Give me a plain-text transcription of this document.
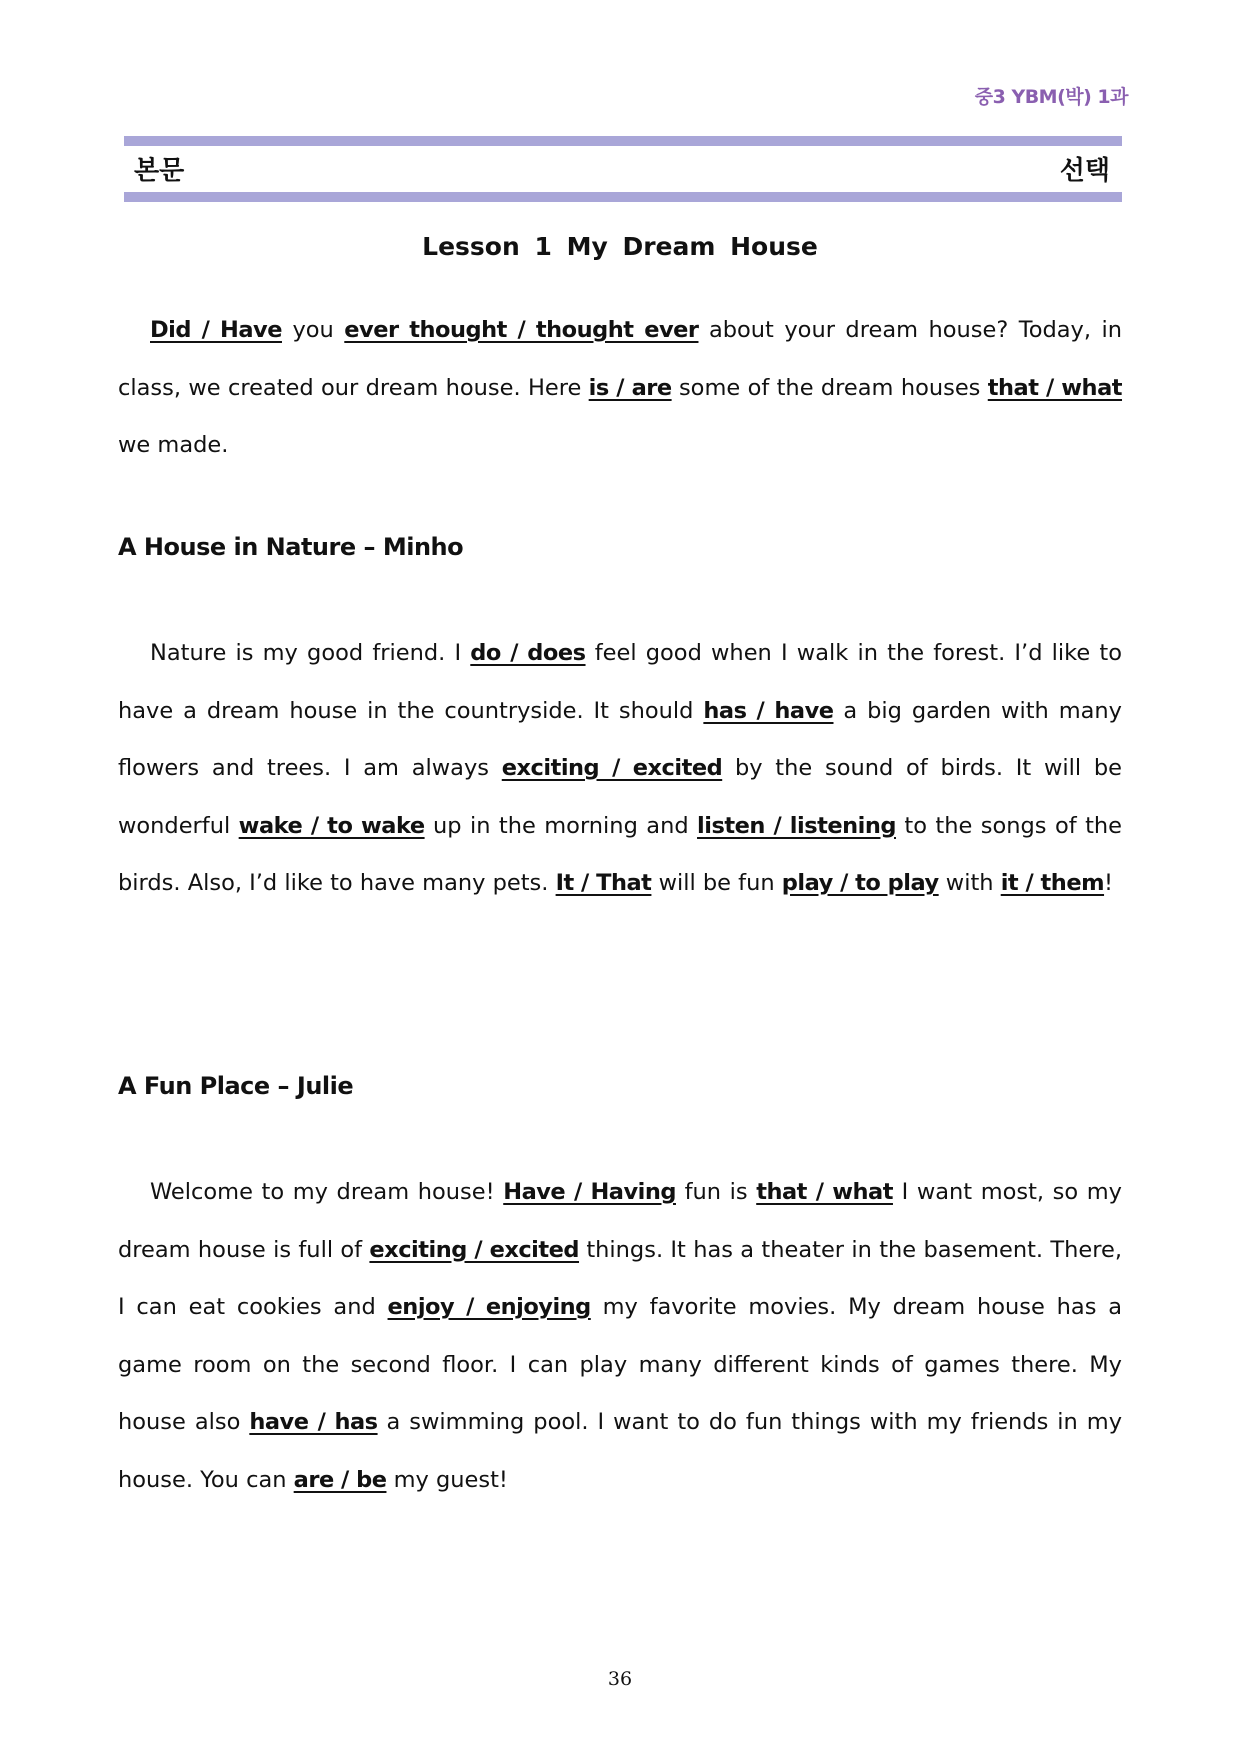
중3 YBM(박) 1과
본문	선택
Lesson 1 My Dream House

Did / Have you ever thought / thought ever about your dream house? Today, in class, we created our dream house. Here is / are some of the dream houses that / what we made.

A House in Nature – Minho

Nature is my good friend. I do / does feel good when I walk in the forest. I’d like to have a dream house in the countryside. It should has / have a big garden with many flowers and trees. I am always exciting / excited by the sound of birds. It will be wonderful wake / to wake up in the morning and listen / listening to the songs of the birds. Also, I’d like to have many pets. It / That will be fun play / to play with it / them!

A Fun Place – Julie

Welcome to my dream house! Have / Having fun is that / what I want most, so my dream house is full of exciting / excited things. It has a theater in the basement. There, I can eat cookies and enjoy / enjoying my favorite movies. My dream house has a game room on the second floor. I can play many different kinds of games there. My house also have / has a swimming pool. I want to do fun things with my friends in my house. You can are / be my guest!

36
